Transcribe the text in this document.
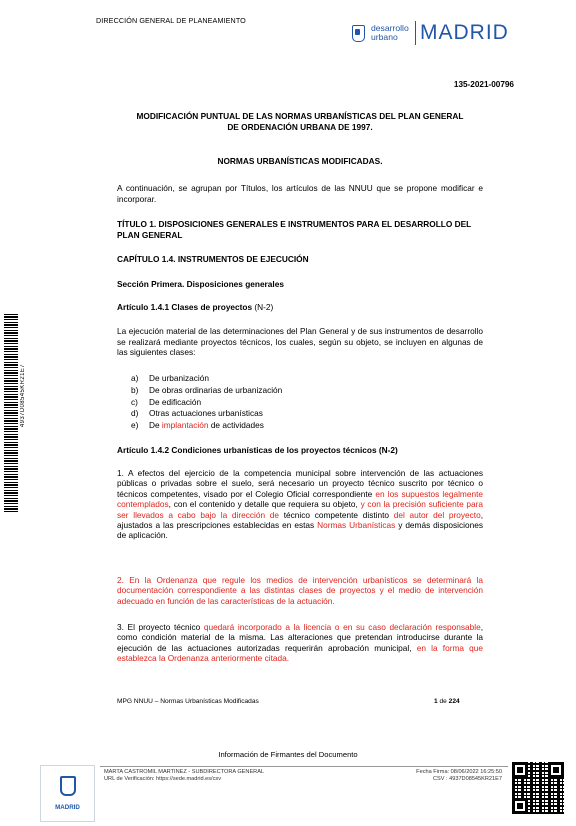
DIRECCIÓN GENERAL DE PLANEAMIENTO
desarrollo
urbano	MADRID
135-2021-00796
MODIFICACIÓN PUNTUAL DE LAS NORMAS URBANÍSTICAS DEL PLAN GENERAL
DE ORDENACIÓN URBANA DE 1997.
NORMAS URBANÍSTICAS MODIFICADAS.
A continuación, se agrupan por Títulos, los artículos de las NNUU que se propone modificar e incorporar.
TÍTULO 1. DISPOSICIONES GENERALES E INSTRUMENTOS PARA EL DESARROLLO DEL PLAN GENERAL
CAPÍTULO 1.4. INSTRUMENTOS DE EJECUCIÓN
Sección Primera. Disposiciones generales
Artículo 1.4.1 Clases de proyectos (N-2)
La ejecución material de las determinaciones del Plan General y de sus instrumentos de desarrollo se realizará mediante proyectos técnicos, los cuales, según su objeto, se incluyen en algunas de las siguientes clases:
a) De urbanización
b) De obras ordinarias de urbanización
c) De edificación
d) Otras actuaciones urbanísticas
e) De implantación de actividades
Artículo 1.4.2 Condiciones urbanísticas de los proyectos técnicos (N-2)
1. A efectos del ejercicio de la competencia municipal sobre intervención de las actuaciones públicas o privadas sobre el suelo, será necesario un proyecto técnico suscrito por técnico o técnicos competentes, visado por el Colegio Oficial correspondiente en los supuestos legalmente contemplados, con el contenido y detalle que requiera su objeto, y con la precisión suficiente para ser llevados a cabo bajo la dirección de técnico competente distinto del autor del proyecto, ajustados a las prescripciones establecidas en estas Normas Urbanísticas y demás disposiciones de aplicación.
2. En la Ordenanza que regule los medios de intervención urbanísticos se determinará la documentación correspondiente a las distintas clases de proyectos y el medio de intervención adecuado en función de las características de la actuación.
3. El proyecto técnico quedará incorporado a la licencia o en su caso declaración responsable, como condición material de la misma. Las alteraciones que pretendan introducirse durante la ejecución de las actuaciones autorizadas requerirán aprobación municipal, en la forma que establezca la Ordenanza anteriormente citada.
MPG NNUU – Normas Urbanísticas Modificadas	1 de 224
Información de Firmantes del Documento
MADRID
MARTA CASTROMIL MARTINEZ - SUBDIRECTORA GENERAL
URL de Verificación: https://sede.madrid.es/csv
Fecha Firma: 08/06/2022 16:25:50
CSV : 4937D08545KR21E7
4937D08545KR21E7
